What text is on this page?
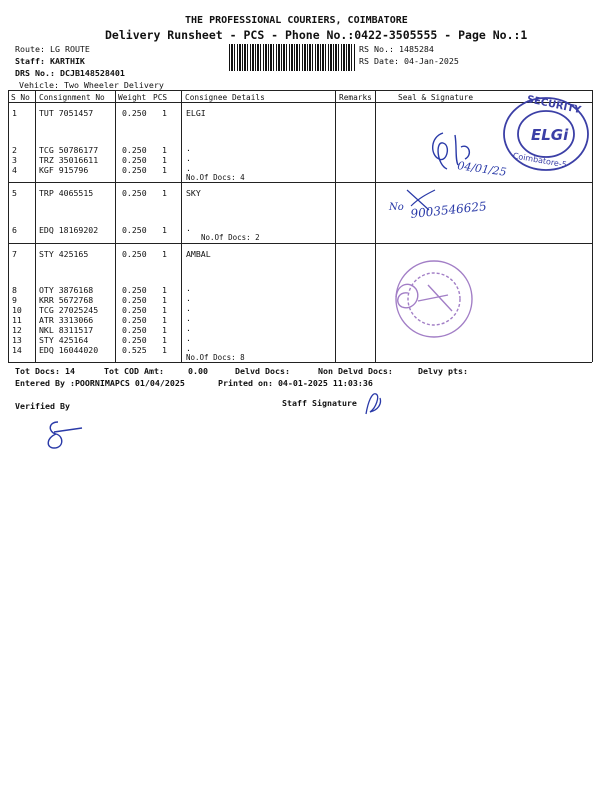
THE PROFESSIONAL COURIERS, COIMBATORE
Delivery Runsheet - PCS - Phone No.:0422-3505555 - Page No.:1
Route: LG ROUTE
Staff: KARTHIK
DRS No.: DCJB148528401
Vehicle: Two Wheeler Delivery
RS No.: 1485284
RS Date: 04-Jan-2025
S No Consignment No Weight PCS Consignee Details	Remarks	Seal & Signature
1	TUT 7051457	0.250 1 ELGI
2	TCG 50786177	0.250 1
3	TRZ 35016611	0.250 1
4	KGF 915796	0.250 1
.
.
.
No.Of Docs: 4
5	TRP 4065515	0.250 1 SKY
6	EDQ 18169202	0.250 1 .
No.Of Docs: 2
7	STY 425165	0.250 1 AMBAL
8	OTY 3876168	0.250 1
9	KRR 5672768	0.250 1
10 TCG 27025245	0.250 1
11 ATR 3313066	0.250 1
12 NKL 8311517	0.250 1
13 STY 425164	0.250 1
14 EDQ 16044020	0.525 1
.
.
.
.
.
.
.
No.Of Docs: 8
SECURITY
ELGi
Coimbatore-5
04/01/25
No 9003546625
Tot Docs: 14	Tot COD Amt:	0.00	Delvd Docs:	Non Delvd Docs:	Delvy pts:
Entered By :POORNIMAPCS 01/04/2025	Printed on: 04-01-2025 11:03:36
Verified By	Staff Signature
